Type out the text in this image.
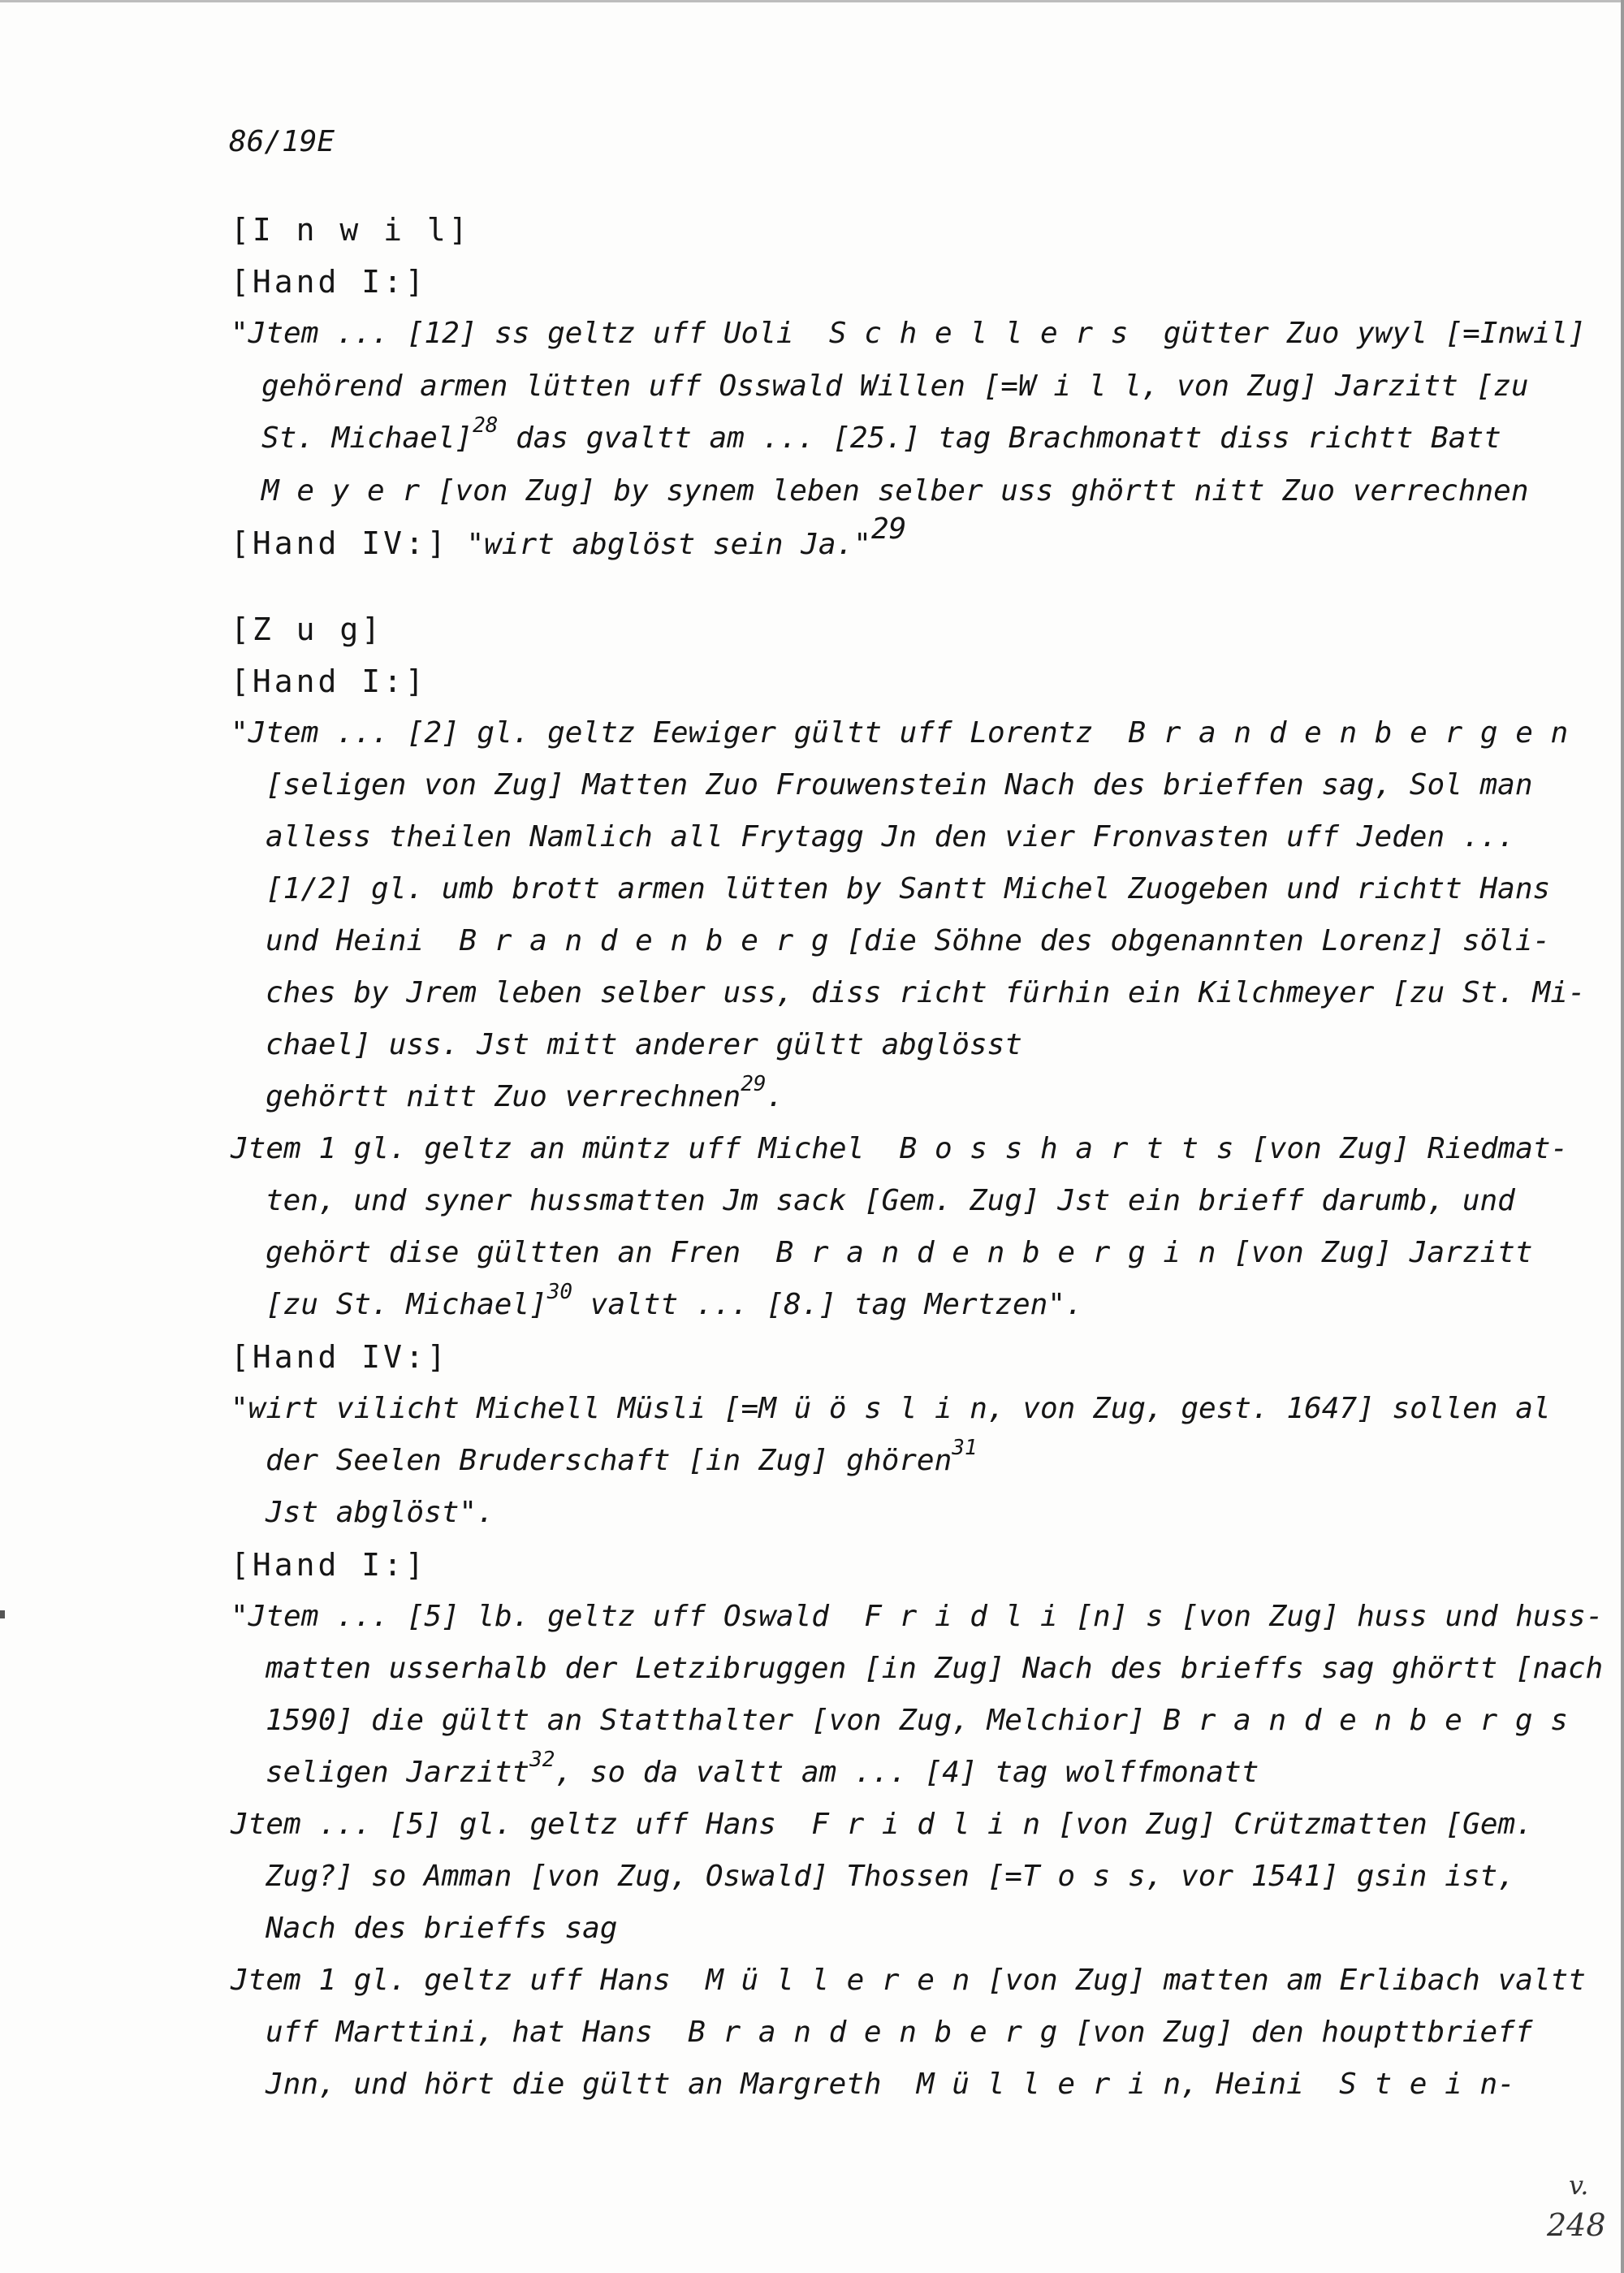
86/19E
[I n w i l]
[Hand I:]
"Jtem ... [12] ss geltz uff Uoli  S c h e l l e r s  gütter Zuo ywyl [=Inwil]
gehörend armen lütten uff Osswald Willen [=W i l l, von Zug] Jarzitt [zu
St. Michael]$^{28}$ das gvaltt am ... [25.] tag Brachmonatt diss richtt Batt
M e y e r [von Zug] by synem leben selber uss ghörtt nitt Zuo verrechnen
[Hand IV:] "wirt abglöst sein Ja."$^{29}$
[Z u g]
[Hand I:]
"Jtem ... [2] gl. geltz Eewiger gültt uff Lorentz  B r a n d e n b e r g e n
[seligen von Zug] Matten Zuo Frouwenstein Nach des brieffen sag, Sol man
alless theilen Namlich all Frytagg Jn den vier Fronvasten uff Jeden ...
[1/2] gl. umb brott armen lütten by Santt Michel Zuogeben und richtt Hans
und Heini  B r a n d e n b e r g [die Söhne des obgenannten Lorenz] söli-
ches by Jrem leben selber uss, diss richt fürhin ein Kilchmeyer [zu St. Mi-
chael] uss. Jst mitt anderer gültt abglösst
gehörtt nitt Zuo verrechnen$^{29}$.
Jtem 1 gl. geltz an müntz uff Michel  B o s s h a r t t s [von Zug] Riedmat-
ten, und syner hussmatten Jm sack [Gem. Zug] Jst ein brieff darumb, und
gehört dise gültten an Fren  B r a n d e n b e r g i n [von Zug] Jarzitt
[zu St. Michael]$^{30}$ valtt ... [8.] tag Mertzen".
[Hand IV:]
"wirt vilicht Michell Müsli [=M ü ö s l i n, von Zug, gest. 1647] sollen al
der Seelen Bruderschaft [in Zug] ghören$^{31}$
Jst abglöst".
[Hand I:]
"Jtem ... [5] lb. geltz uff Oswald  F r i d l i [n] s [von Zug] huss und huss-
matten usserhalb der Letzibruggen [in Zug] Nach des brieffs sag ghörtt [nach
1590] die gültt an Statthalter [von Zug, Melchior] B r a n d e n b e r g s
seligen Jarzitt$^{32}$, so da valtt am ... [4] tag wolffmonatt
Jtem ... [5] gl. geltz uff Hans  F r i d l i n [von Zug] Crützmatten [Gem.
Zug?] so Amman [von Zug, Oswald] Thossen [=T o s s, vor 1541] gsin ist,
Nach des brieffs sag
Jtem 1 gl. geltz uff Hans  M ü l l e r e n [von Zug] matten am Erlibach valtt
uff Marttini, hat Hans  B r a n d e n b e r g [von Zug] den houpttbrieff
Jnn, und hört die gültt an Margreth  M ü l l e r i n, Heini  S t e i n-
v.
248
